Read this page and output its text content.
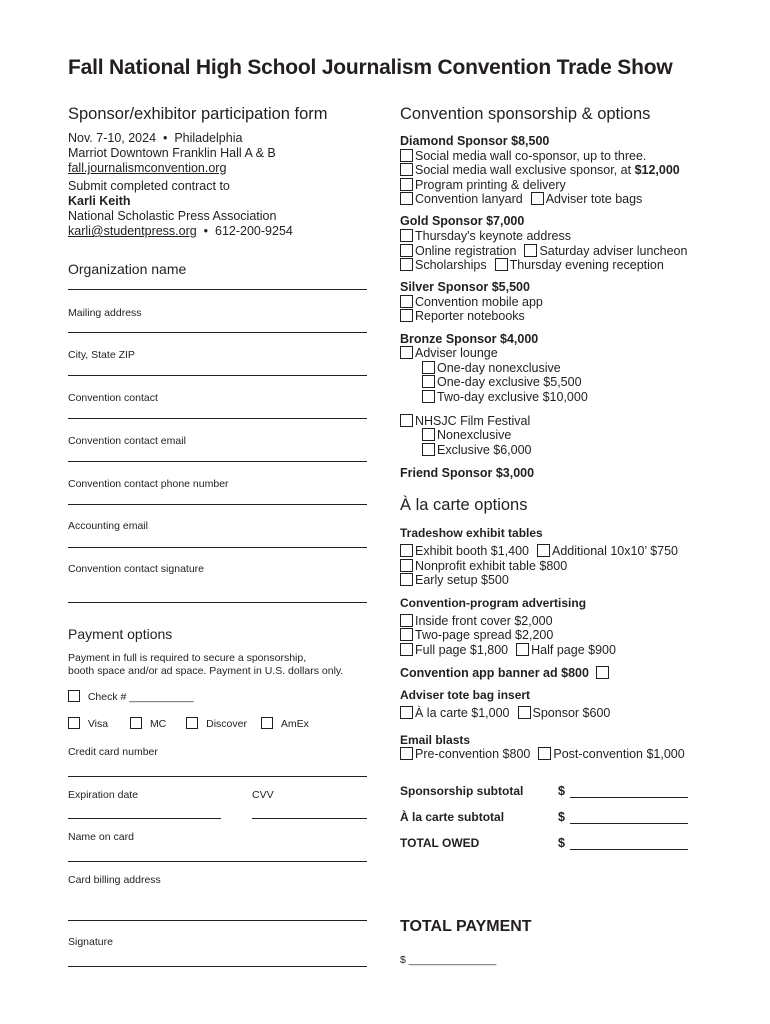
Fall National High School Journalism Convention Trade Show
Sponsor/exhibitor participation form
Nov. 7-10, 2024  •  Philadelphia
Marriot Downtown Franklin Hall A & B
fall.journalismconvention.org
Submit completed contract to
Karli Keith
National Scholastic Press Association
karli@studentpress.org  •  612-200-9254
Organization name
Mailing address
City, State ZIP
Convention contact
Convention contact email
Convention contact phone number
Accounting email
Convention contact signature
Payment options
Payment in full is required to secure a sponsorship,
booth space and/or ad space. Payment in U.S. dollars only.
Check # ___________
Visa	MC	Discover	AmEx
Credit card number
Expiration date	CVV
Name on card
Card billing address
Signature
Convention sponsorship & options
Diamond Sponsor $8,500
Social media wall co-sponsor, up to three.
Social media wall exclusive sponsor, at $12,000
Program printing & delivery
Convention lanyard Adviser tote bags
Gold Sponsor $7,000
Thursday's keynote address
Online registration Saturday adviser luncheon
Scholarships Thursday evening reception
Silver Sponsor $5,500
Convention mobile app
Reporter notebooks
Bronze Sponsor $4,000
Adviser lounge
One-day nonexclusive
One-day exclusive $5,500
Two-day exclusive $10,000
NHSJC Film Festival
Nonexclusive
Exclusive $6,000
Friend Sponsor $3,000
À la carte options
Tradeshow exhibit tables
Exhibit booth $1,400 Additional 10x10’ $750
Nonprofit exhibit table $800
Early setup $500
Convention-program advertising
Inside front cover $2,000
Two-page spread $2,200
Full page $1,800 Half page $900
Convention app banner ad $800
Adviser tote bag insert
À la carte $1,000 Sponsor $600
Email blasts
Pre-convention $800 Post-convention $1,000
Sponsorship subtotal	$
À la carte subtotal	$
TOTAL OWED	$
TOTAL PAYMENT
$ _______________
